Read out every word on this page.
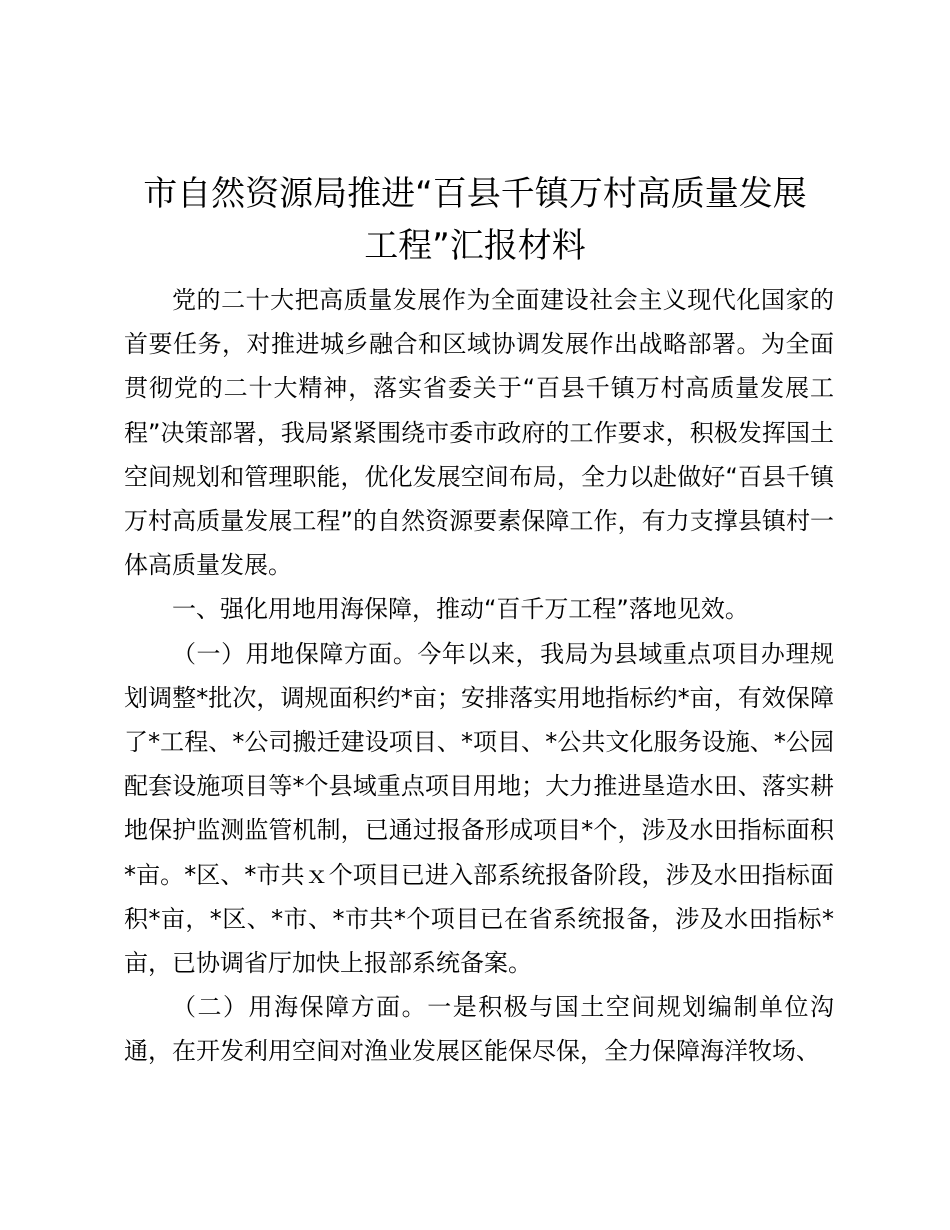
市自然资源局推进“百县千镇万村高质量发展
工程”汇报材料

党的二十大把高质量发展作为全面建设社会主义现代化国家的首要任务，对推进城乡融合和区域协调发展作出战略部署。为全面贯彻党的二十大精神，落实省委关于“百县千镇万村高质量发展工程”决策部署，我局紧紧围绕市委市政府的工作要求，积极发挥国土空间规划和管理职能，优化发展空间布局，全力以赴做好“百县千镇万村高质量发展工程”的自然资源要素保障工作，有力支撑县镇村一体高质量发展。

一、强化用地用海保障，推动“百千万工程”落地见效。

（一）用地保障方面。今年以来，我局为县域重点项目办理规划调整*批次，调规面积约*亩；安排落实用地指标约*亩，有效保障了*工程、*公司搬迁建设项目、*项目、*公共文化服务设施、*公园配套设施项目等*个县域重点项目用地；大力推进垦造水田、落实耕地保护监测监管机制，已通过报备形成项目*个，涉及水田指标面积*亩。*区、*市共ｘ个项目已进入部系统报备阶段，涉及水田指标面积*亩，*区、*市、*市共*个项目已在省系统报备，涉及水田指标*亩，已协调省厅加快上报部系统备案。

（二）用海保障方面。一是积极与国土空间规划编制单位沟通，在开发利用空间对渔业发展区能保尽保，全力保障海洋牧场、
